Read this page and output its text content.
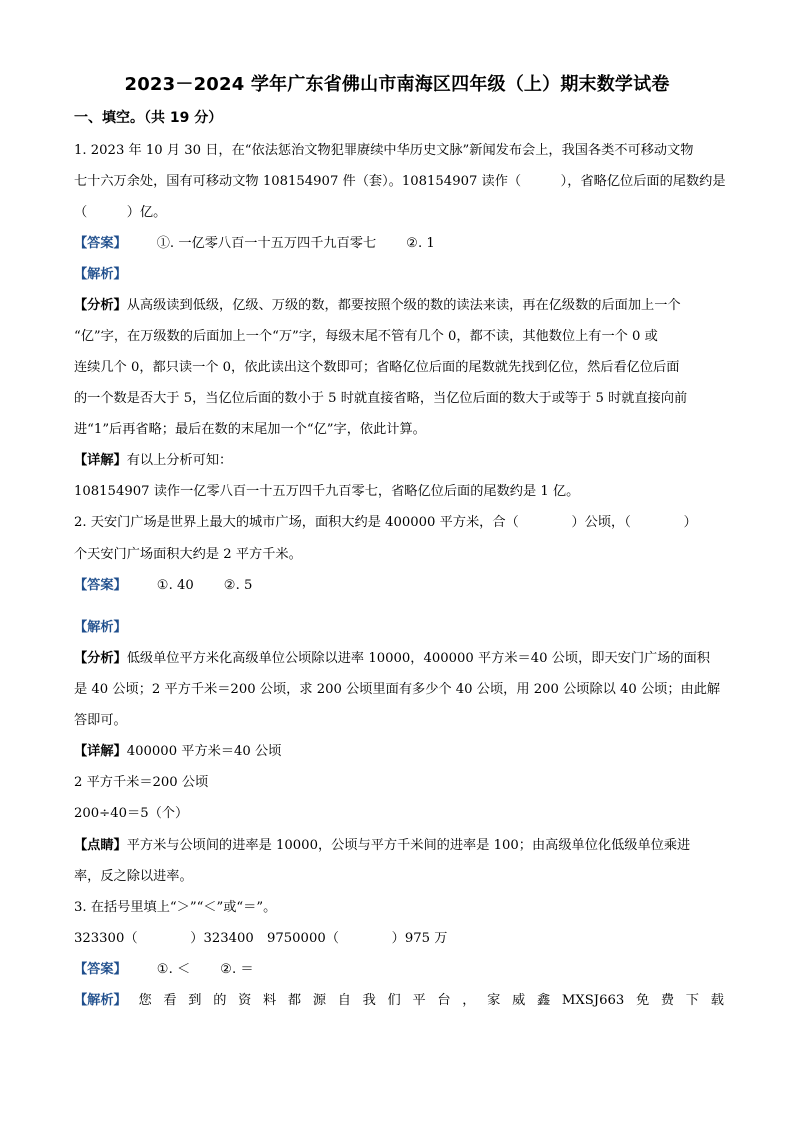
2023－2024 学年广东省佛山市南海区四年级（上）期末数学试卷
一、填空。（共 19 分）
1. 2023 年 10 月 30 日，在“依法惩治文物犯罪赓续中华历史文脉”新闻发布会上，我国各类不可移动文物
七十六万余处，国有可移动文物 108154907 件（套）。108154907 读作（　　　），省略亿位后面的尾数约是
（　　　）亿。
【答案】 ①. 一亿零八百一十五万四千九百零七 ②. 1
【解析】
【分析】从高级读到低级，亿级、万级的数，都要按照个级的数的读法来读，再在亿级数的后面加上一个
“亿”字，在万级数的后面加上一个“万”字，每级末尾不管有几个 0，都不读，其他数位上有一个 0 或
连续几个 0，都只读一个 0，依此读出这个数即可；省略亿位后面的尾数就先找到亿位，然后看亿位后面
的一个数是否大于 5，当亿位后面的数小于 5 时就直接省略，当亿位后面的数大于或等于 5 时就直接向前
进“1”后再省略；最后在数的末尾加一个“亿”字，依此计算。
【详解】有以上分析可知：
108154907 读作一亿零八百一十五万四千九百零七，省略亿位后面的尾数约是 1 亿。
2. 天安门广场是世界上最大的城市广场，面积大约是 400000 平方米，合（　　　　）公顷，（　　　　）
个天安门广场面积大约是 2 平方千米。
【答案】 ①. 40 ②. 5
【解析】
【分析】低级单位平方米化高级单位公顷除以进率 10000，400000 平方米＝40 公顷，即天安门广场的面积
是 40 公顷；2 平方千米＝200 公顷，求 200 公顷里面有多少个 40 公顷，用 200 公顷除以 40 公顷；由此解
答即可。
【详解】400000 平方米＝40 公顷
2 平方千米＝200 公顷
200÷40＝5（个）
【点睛】平方米与公顷间的进率是 10000，公顷与平方千米间的进率是 100；由高级单位化低级单位乘进
率，反之除以进率。
3. 在括号里填上“＞”“＜”或“＝”。
323300（　　　　）323400　9750000（　　　　）975 万
【答案】 ①. ＜ ②. ＝
【解析】 您 看 到 的 资 料 都 源 自 我 们 平 台 ， 家 威 鑫 MXSJ663 免 费 下 载
